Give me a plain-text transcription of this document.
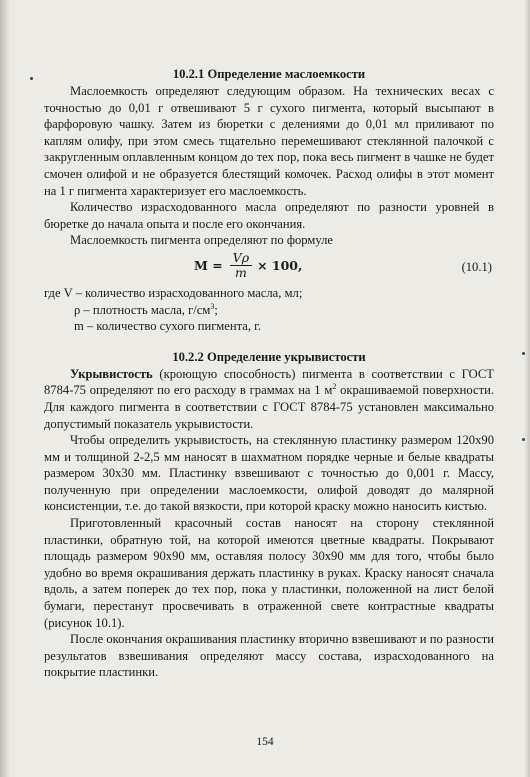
10.2.1 Определение маслоемкости

Маслоемкость определяют следующим образом. На технических весах с точностью до 0,01 г отвешивают 5 г сухого пигмента, который высыпают в фарфоровую чашку. Затем из бюретки с делениями до 0,01 мл приливают по каплям олифу, при этом смесь тщательно перемешивают стеклянной палочкой с закругленным оплавленным концом до тех пор, пока весь пигмент в чашке не будет смочен олифой и не образуется блестящий комочек. Расход олифы в этот момент на 1 г пигмента характеризует его маслоемкость.

Количество израсходованного масла определяют по разности уровней в бюретке до начала опыта и после его окончания.

Маслоемкость пигмента определяют по формуле

$М = \frac{V\rho}{m} \times 100$,	(10.1)
где V – количество израсходованного масла, мл;
ρ – плотность масла, $г/см^3$;
m – количество сухого пигмента, г.
10.2.2 Определение укрывистости

Укрывистость (кроющую способность) пигмента в соответствии с ГОСТ 8784-75 определяют по его расходу в граммах на 1 $м^2$ окрашиваемой поверхности. Для каждого пигмента в соответствии с ГОСТ 8784-75 установлен максимально допустимый показатель укрывистости.

Чтобы определить укрывистость, на стеклянную пластинку размером 120х90 мм и толщиной 2-2,5 мм наносят в шахматном порядке черные и белые квадраты размером 30х30 мм. Пластинку взвешивают с точностью до 0,001 г. Массу, полученную при определении маслоемкости, олифой доводят до малярной консистенции, т.е. до такой вязкости, при которой краску можно наносить кистью.

Приготовленный красочный состав наносят на сторону стеклянной пластинки, обратную той, на которой имеются цветные квадраты. Покрывают площадь размером 90х90 мм, оставляя полосу 30х90 мм для того, чтобы было удобно во время окрашивания держать пластинку в руках. Краску наносят сначала вдоль, а затем поперек до тех пор, пока у пластинки, положенной на лист белой бумаги, перестанут просвечивать в отраженной свете контрастные квадраты (рисунок 10.1).

После окончания окрашивания пластинку вторично взвешивают и по разности результатов взвешивания определяют массу состава, израсходованного на покрытие пластинки.

154
